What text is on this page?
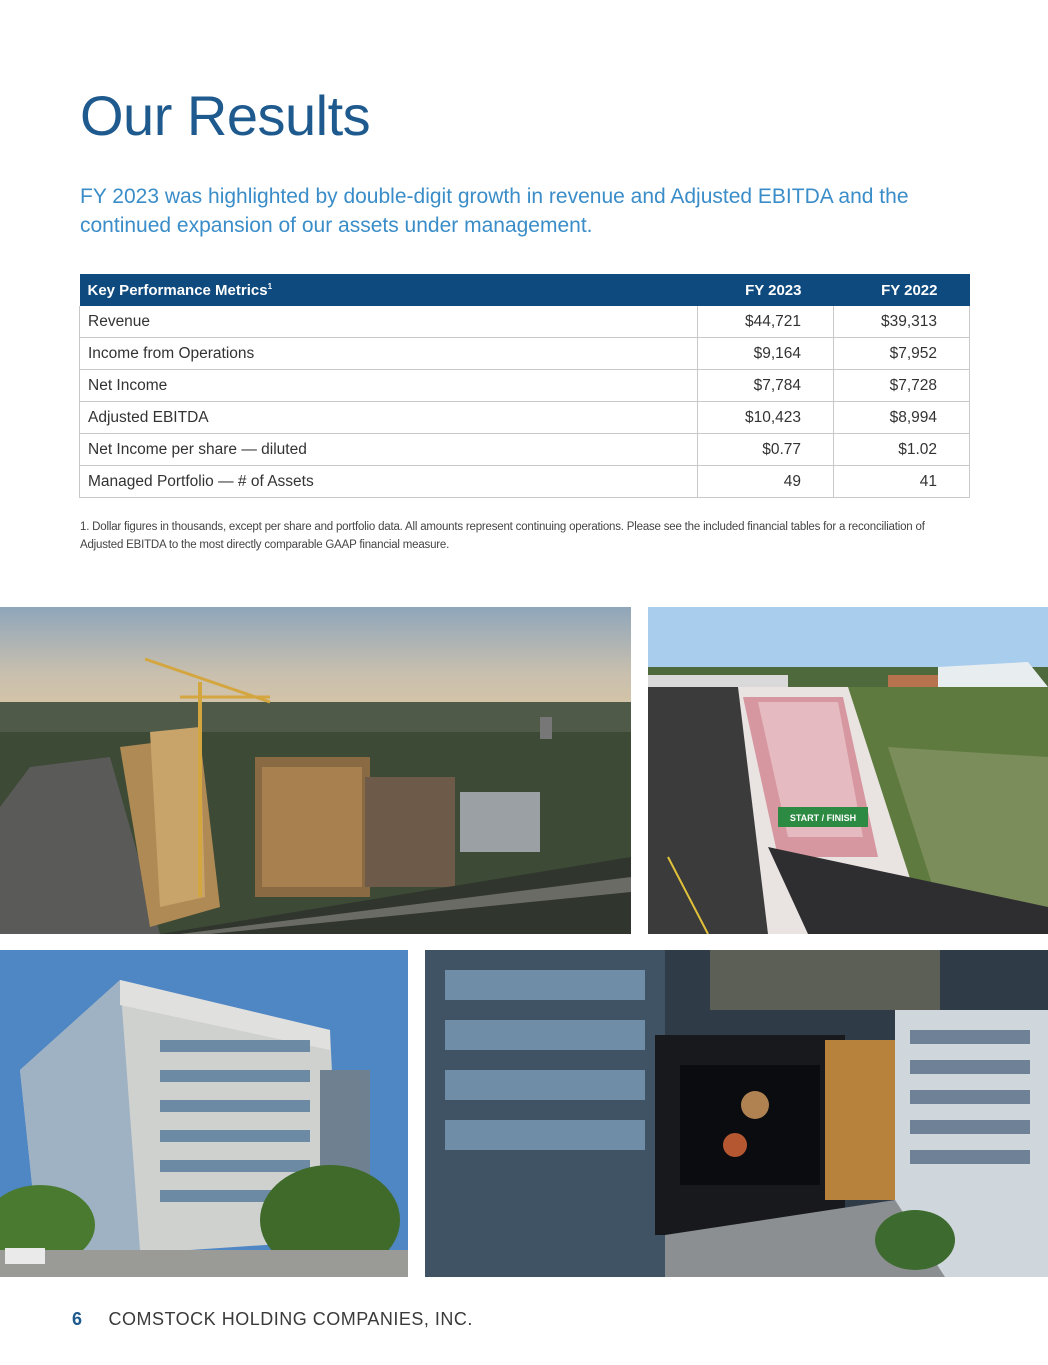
Our Results
FY 2023 was highlighted by double-digit growth in revenue and Adjusted EBITDA and the continued expansion of our assets under management.
Key Performance Metrics$^1$	FY 2023	FY 2022
Revenue	$44,721	$39,313
Income from Operations	$9,164	$7,952
Net Income	$7,784	$7,728
Adjusted EBITDA	$10,423	$8,994
Net Income per share — diluted	$0.77	$1.02
Managed Portfolio — # of Assets	49	41
1. Dollar figures in thousands, except per share and portfolio data. All amounts represent continuing operations. Please see the included financial tables for a reconciliation of Adjusted EBITDA to the most directly comparable GAAP financial measure.
START / FINISH
6 COMSTOCK HOLDING COMPANIES, INC.
